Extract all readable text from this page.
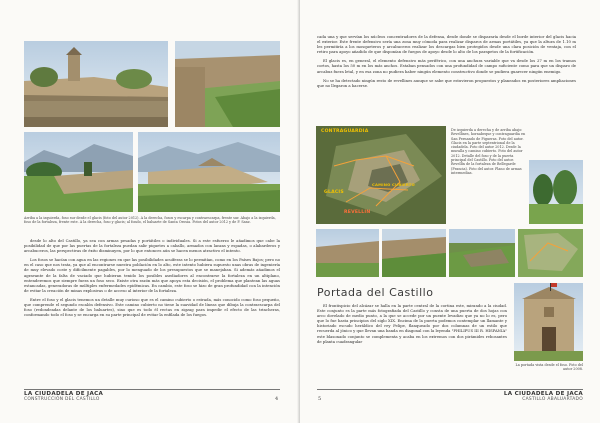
Arriba a la izquierda, foso sur desde el glacis (foto del autor 2012). A la derecha, fosos y escarpa y contraescarpa, frente sur. Abajo a la izquierda, foso de la fortaleza, frente este. A la derecha, foso y glacis; al fondo, el baluarte de Santa Orosia. Fotos del autor 2012 y de F. Sanz.

desde lo alto del Castillo, ya sea con armas pesadas y portátiles o individuales. Si a este esfuerzo le añadimos que cabe la posibilidad de que por las puertas de la fortaleza puedan salir piquetes a caballo, armados con lanzas y espadas, o alabarderos y arcabuceros, las perspectivas de éxito disminuyen, por lo que entonces aún se hacen menos atractivo el intento.

Los fosos se hacían con agua en las regiones en que las posibilidades acuíferas se lo permitían, como en los Países Bajos; pero no en el caso que nos trata, ya que al encontrarse nuestra población en lo alto, este intento hubiera supuesto unas obras de ingeniería de muy elevado coste y difícilmente pagables, por lo menguado de los presupuestos que se manejaban. Si además añadimos el agravante de la falta de vaciado que hubieran tenido los posibles asediadores al encontrarse la fortaleza en un altiplano, entenderemos que siempre fuera un foso seco. Existe otra razón más que apoya esta decisión, el problema que plantean las aguas estancadas, generadoras de múltiples enfermedades epidémicas. En cambio, este foso se hizo de gran profundidad con la intención de evitar la creación de minas explosivas o de acceso al interior de la fortaleza.

Entre el foso y el glacis tenemos un detalle muy curioso que es el camino cubierto o estrada, más conocido como foso pequeño, que comprende el segundo escalón defensivo. Este camino cubierto no tiene la suavidad de líneas que dibuja la contraescarpa del foso (redondeadas delante de los baluartes), sino que es todo él rectas en zigzag para impedir el efecto de las trincheras, conformando todo el foso y se encarga en su parte principal de evitar la enfilada de los fuegos.

LA CIUDADELA DE JACA
CONSTRUCCIÓN DEL CASTILLO	4

cada una y que servían los núcleos concentradores de la defensa, desde donde se dispararía desde el borde interior del glacis hacia el exterior. Este frente defensivo sería una zona muy cómoda para realizar disparos de armas portátiles, ya que la altura de 1.10 m les permitiría a los mosqueteros y arcabuceros realizar los descargas bien protegidos desde una clara posición de ventaja, con el retiro para apoyo añadido de que disponían de fuegos de apoyo desde lo alto de los parapetos de la fortificación.

El glacis es, en general, el elemento defensivo más periférico, con una anchura variable que va desde los 27 m en los tramos cortos, hasta los 50 m en los más anchos. Estaban pensados con una profundidad de campo suficiente como para que un disparo de arcabuz fuera letal, y en esa zona no pudiera haber ningún elemento constructivo donde se pudiera guarecer ningún enemigo.

No se ha detectado ningún resto de revellines aunque se sabe que estuvieron propuestos y planeados en posteriores ampliaciones que no llegaron a hacerse.

CONTRAGUARDIA
CAMINO CUBIERTO
GLACIS
REVELLIN
De izquierda a derecha y de arriba abajo: Revellines, hornabeque y contraguardia en San Fernando de Figueras. Foto del autor. Glacis en la parte septentrional de la ciudadela. Foto del autor 2012. Desde la muralla y camino cubierto. Foto del autor 2012. Detalle del foso y de la puerta principal del Castillo. Foto del autor. Revellín de la fortaleza de Bellegarde (Francia). Foto del autor. Plano de armas intermedias.
Portada del Castillo

El frontispicio del alcázar se halla en la parte central de la cortina este, mirando a la ciudad. Este conjunto es la parte más fotografiada del Castillo y consta de una puerta de dos hojas con arco dovelado de medio punto, a la que se accede por un puente levadizo que ya no lo es, pero que lo fue hasta principios del siglo XIX. Encima de la puerta podemos contemplar un llamante y historiado escudo heráldico del rey Felipe, flanqueado por dos columnas de un estilo que recuerda al jónico y que llevan una banda en diagonal con la leyenda "PHILIPUS III R. HISPANIA" este blasonado conjunto se complementa y acaba en los extremos con dos pirámides rebosantes de planta cuadrangular

La portada vista desde el foso. Foto del autor 2008.
5
LA CIUDADELA DE JACA
CASTILLO ABALUARTADO
